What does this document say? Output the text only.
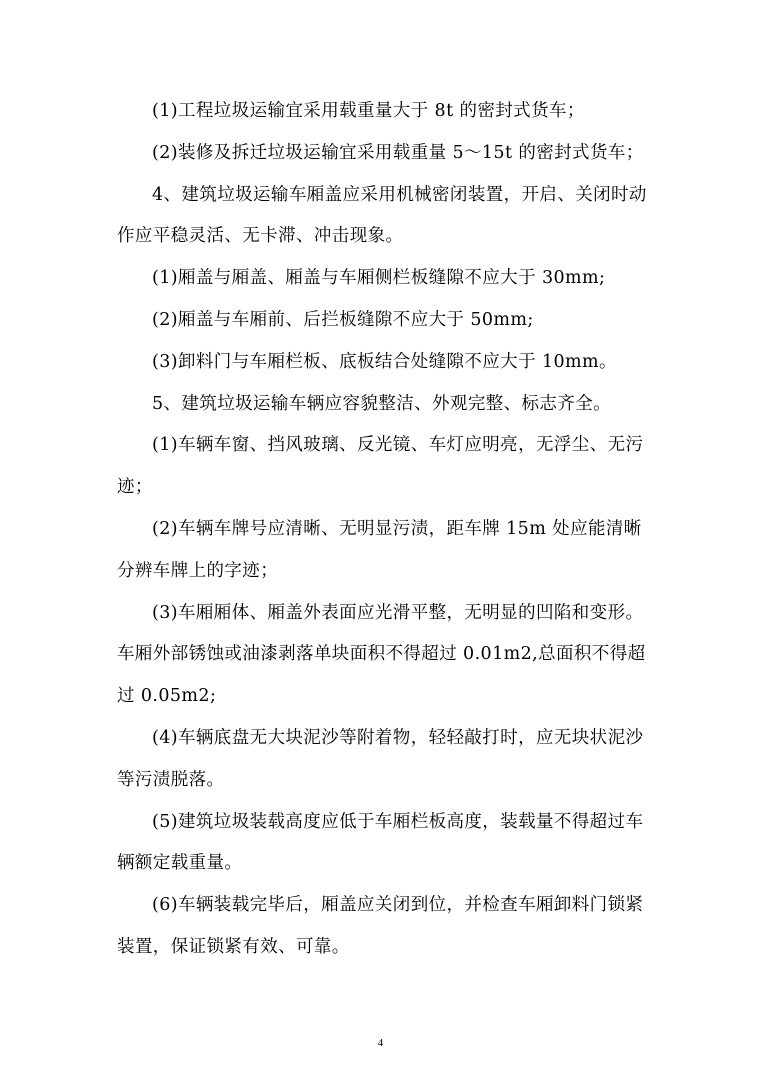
(1)工程垃圾运输宜采用载重量大于 8t 的密封式货车；

(2)装修及拆迁垃圾运输宜采用载重量 5～15t 的密封式货车；

4、建筑垃圾运输车厢盖应采用机械密闭装置，开启、关闭时动作应平稳灵活、无卡滞、冲击现象。

(1)厢盖与厢盖、厢盖与车厢侧栏板缝隙不应大于 30mm;

(2)厢盖与车厢前、后拦板缝隙不应大于 50mm;

(3)卸料门与车厢栏板、底板结合处缝隙不应大于 10mm。

5、建筑垃圾运输车辆应容貌整洁、外观完整、标志齐全。

(1)车辆车窗、挡风玻璃、反光镜、车灯应明亮，无浮尘、无污迹；

(2)车辆车牌号应清晰、无明显污渍，距车牌 15m 处应能清晰分辨车牌上的字迹；

(3)车厢厢体、厢盖外表面应光滑平整，无明显的凹陷和变形。车厢外部锈蚀或油漆剥落单块面积不得超过 0.01m2,总面积不得超过 0.05m2;

(4)车辆底盘无大块泥沙等附着物，轻轻敲打时，应无块状泥沙等污渍脱落。

(5)建筑垃圾装载高度应低于车厢栏板高度，装载量不得超过车辆额定载重量。

(6)车辆装载完毕后，厢盖应关闭到位，并检查车厢卸料门锁紧装置，保证锁紧有效、可靠。

4
